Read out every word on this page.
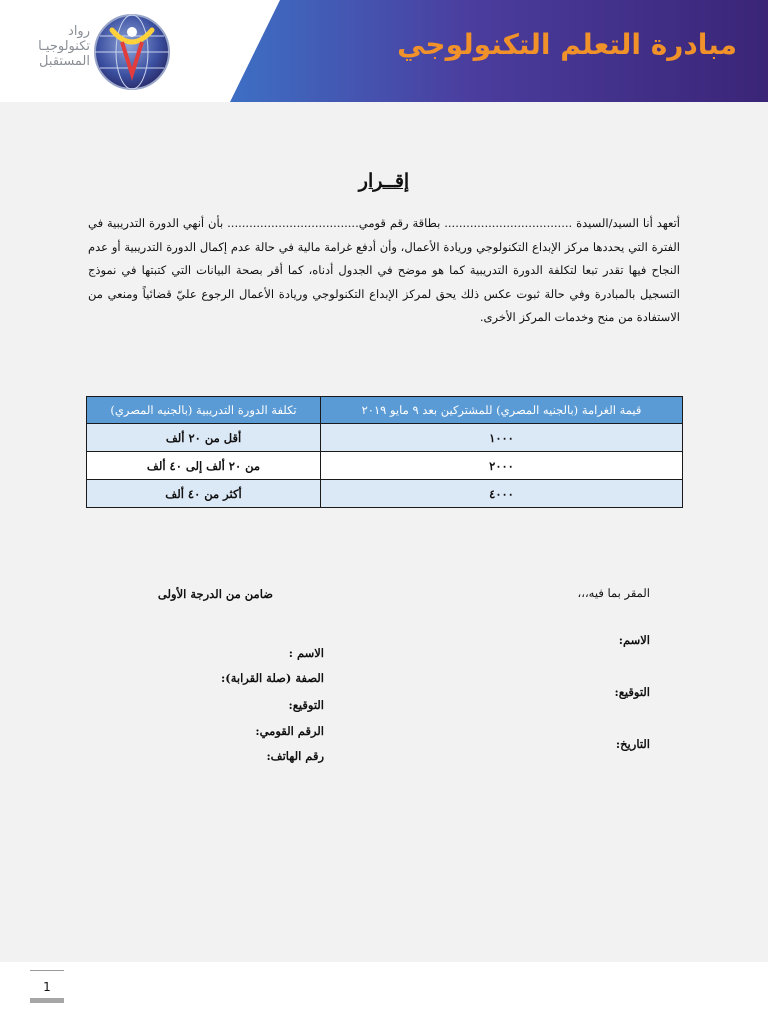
مبادرة التعلم التكنولوجي
رواد
تكنولوجيـا
المستقبل
إقــرار
أتعهد أنا السيد/السيدة ................................... بطاقة رقم قومي.................................... بأن أنهي الدورة التدريبية في الفترة التي يحددها مركز الإبداع التكنولوجي وريادة الأعمال، وأن أدفع غرامة مالية في حالة عدم إكمال الدورة التدريبية أو عدم النجاح فيها تقدر تبعا لتكلفة الدورة التدريبية كما هو موضح في الجدول أدناه، كما أقر بصحة البيانات التي كتبتها في نموذج التسجيل بالمبادرة وفي حالة ثبوت عكس ذلك يحق لمركز الإبداع التكنولوجي وريادة الأعمال الرجوع عليّ قضائياً ومنعي من الاستفادة من منح وخدمات المركز الأخرى.
قيمة الغرامة (بالجنيه المصري) للمشتركين بعد ٩ مايو ٢٠١٩	تكلفة الدورة التدريبية (بالجنيه المصري)
١٠٠٠	أقل من ٢٠ ألف
٢٠٠٠	من ٢٠ ألف إلى ٤٠ ألف
٤٠٠٠	أكثر من ٤٠ ألف
المقر بما فيه،،،
الاسم:
التوقيع:
التاريخ:
ضامن من الدرجة الأولى
الاسم :
الصفة (صلة القرابة):
التوقيع:
الرقم القومي:
رقم الهاتف:
1
